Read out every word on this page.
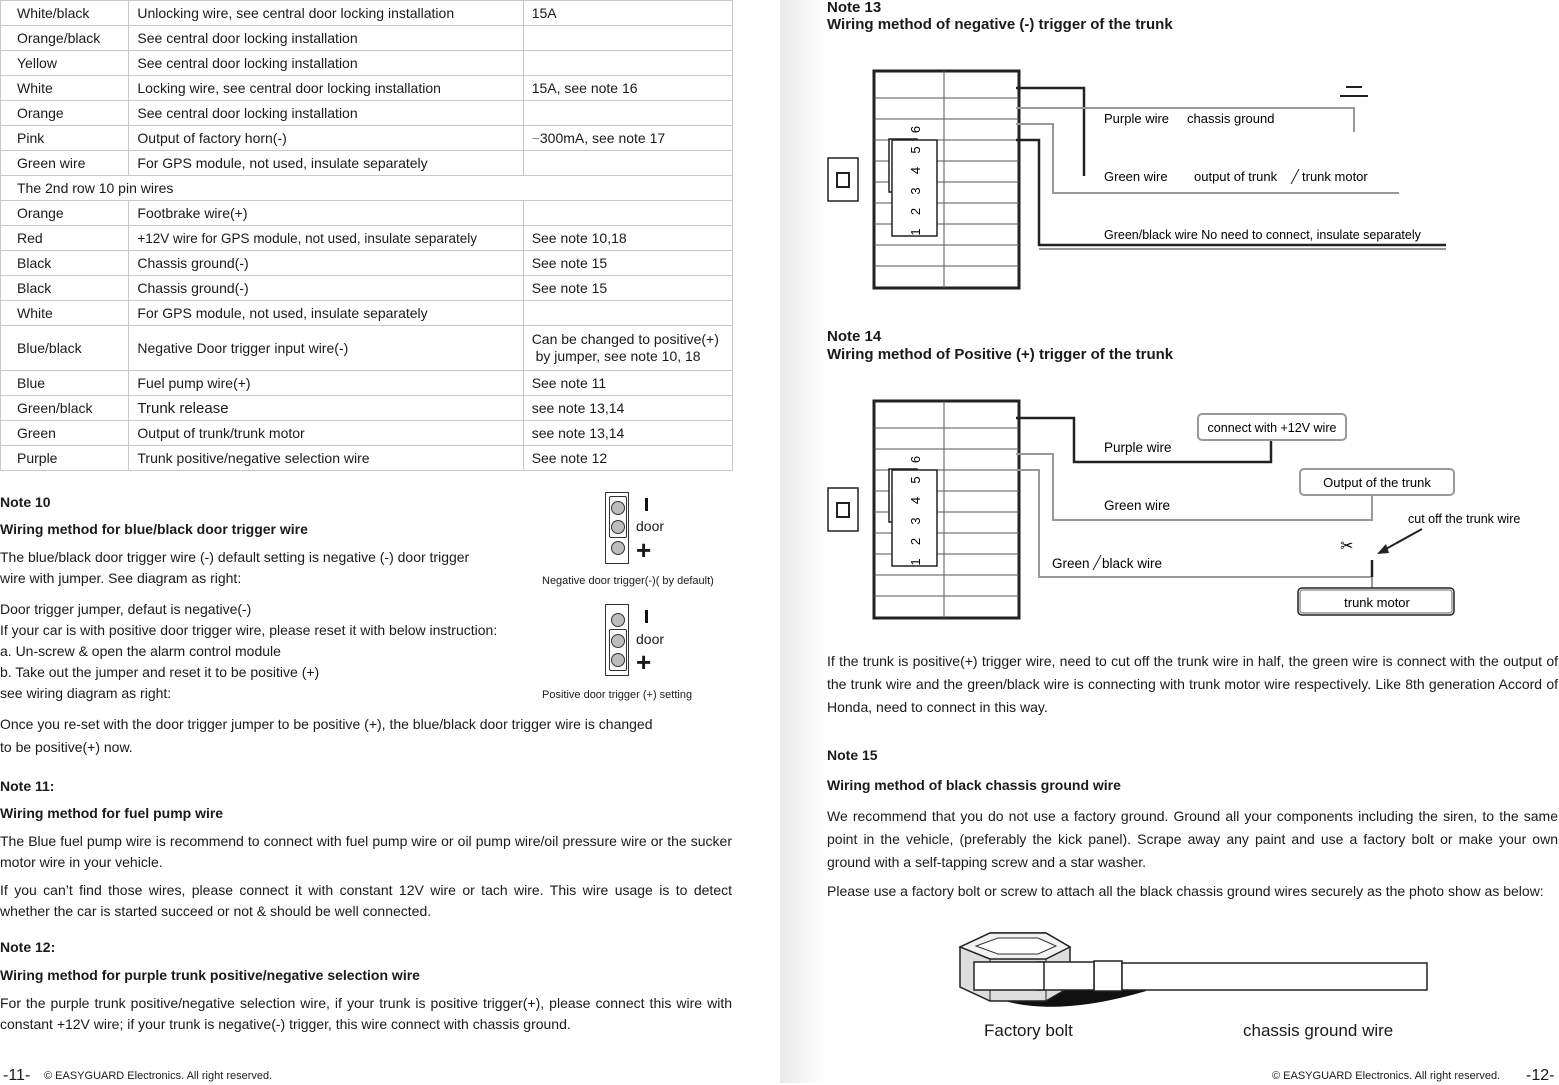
White/black	Unlocking wire, see central door locking installation	15A
Orange/black	See central door locking installation	
Yellow	See central door locking installation	
White	Locking wire, see central door locking installation	15A, see note 16
Orange	See central door locking installation	
Pink	Output of factory horn(-)	−300mA, see note 17
Green wire	For GPS module, not used, insulate separately	
The 2nd row 10 pin wires		
Orange	Footbrake wire(+)	
Red	+12V wire for GPS module, not used, insulate separately	See note 10,18
Black	Chassis ground(-)	See note 15
Black	Chassis ground(-)	See note 15
White	For GPS module, not used, insulate separately	
Blue/black	Negative Door trigger input wire(-)	Can be changed to positive(+)
by jumper, see note 10, 18

Blue	Fuel pump wire(+)	See note 11
Green/black	Trunk release	see note 13,14
Green	Output of trunk/trunk motor	see note 13,14
Purple	Trunk positive/negative selection wire	See note 12

Note 10

Wiring method for blue/black door trigger wire

The blue/black door trigger wire (-) default setting is negative (-) door trigger

wire with jumper. See diagram as right:

Door trigger jumper, defaut is negative(-)

If your car is with positive door trigger wire, please reset it with below instruction:

a. Un-screw & open the alarm control module

b. Take out the jumper and reset it to be positive (+)

see wiring diagram as right:

Once you re-set with the door trigger jumper to be positive (+), the blue/black door trigger wire is changed

to be positive(+) now.

door
+
Negative door trigger(-)( by default)
door
+
Positive door trigger (+) setting

Note 11:

Wiring method for fuel pump wire

The Blue fuel pump wire is recommend to connect with fuel pump wire or oil pump wire/oil pressure wire or the sucker motor wire in your vehicle.

If you can’t find those wires, please connect it with constant 12V wire or tach wire. This wire usage is to detect whether the car is started succeed or not & should be well connected.

Note 12:

Wiring method for purple trunk positive/negative selection wire

For the purple trunk positive/negative selection wire, if your trunk is positive trigger(+), please connect this wire with constant +12V wire; if your trunk is negative(-) trigger, this wire connect with chassis ground.

-11- © EASYGUARD Electronics. All right reserved.

Note 13

Wiring method of negative (-) trigger of the trunk

1
2
3
4
5
6
Purple wire chassis ground
Green wire output of trunk trunk motor
Green/black wire No need to connect, insulate separately

Note 14

Wiring method of Positive (+) trigger of the trunk

1
2
3
4
5
6
connect with +12V wire
Output of the trunk
trunk motor
✂
Purple wire
Green wire
cut off the trunk wire
Green black wire

If the trunk is positive(+) trigger wire, need to cut off the trunk wire in half, the green wire is connect with the output of the trunk wire and the green/black wire is connecting with trunk motor wire respectively. Like 8th generation Accord of Honda, need to connect in this way.

Note 15

Wiring method of black chassis ground wire

We recommend that you do not use a factory ground. Ground all your components including the siren, to the same point in the vehicle, (preferably the kick panel). Scrape away any paint and use a factory bolt or make your own ground with a self-tapping screw and a star washer.

Please use a factory bolt or screw to attach all the black chassis ground wires securely as the photo show as below:

Factory bolt	chassis ground wire
© EASYGUARD Electronics. All right reserved. -12-
